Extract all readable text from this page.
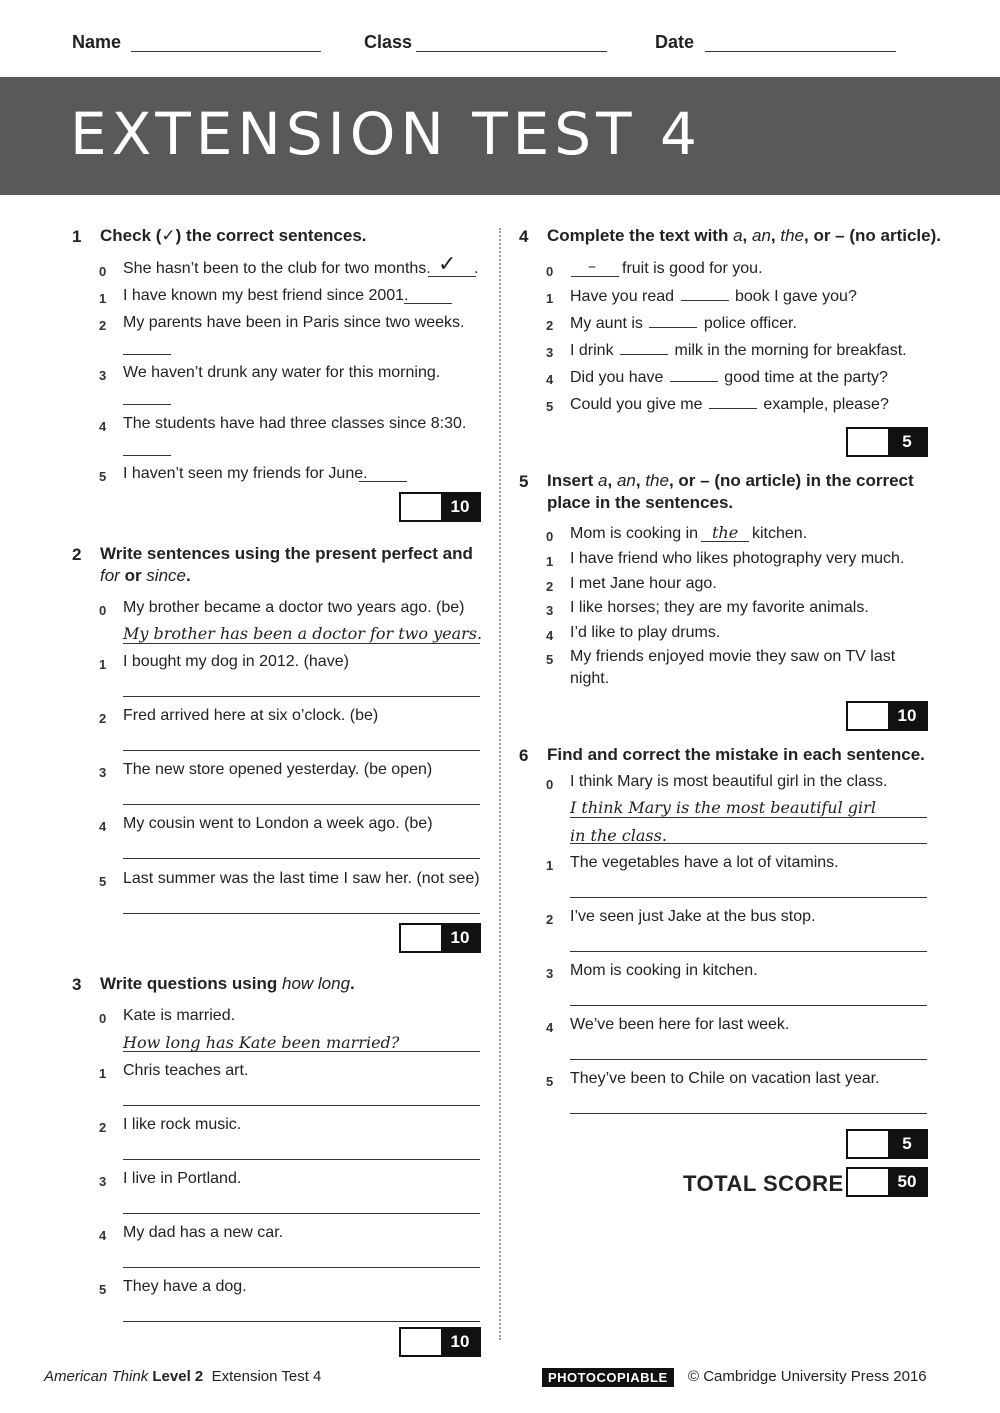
Name	Class	Date
EXTENSION TEST 4
1 Check (✓) the correct sentences.
0 She hasn’t been to the club for two months. ✓ .
1 I have known my best friend since 2001.
2 My parents have been in Paris since two weeks.
3 We haven’t drunk any water for this morning.
4 The students have had three classes since 8:30.
5 I haven’t seen my friends for June.
10
2 Write sentences using the present perfect and
for or since.
0 My brother became a doctor two years ago. (be)
My brother has been a doctor for two years.
1 I bought my dog in 2012. (have)
2 Fred arrived here at six o’clock. (be)
3 The new store opened yesterday. (be open)
4 My cousin went to London a week ago. (be)
5 Last summer was the last time I saw her. (not see)
10
3 Write questions using how long.
0 Kate is married.
How long has Kate been married?
1 Chris teaches art.
2 I like rock music.
3 I live in Portland.
4 My dad has a new car.
5 They have a dog.
10
4 Complete the text with a, an, the, or – (no article).
0 – fruit is good for you.
1 Have you read	book I gave you?
2 My aunt is	police officer.
3 I drink	milk in the morning for breakfast.
4 Did you have	good time at the party?
5 Could you give me	example, please?
5
5 Insert a, an, the, or – (no article) in the correct
place in the sentences.
0 Mom is cooking in the kitchen.
1 I have friend who likes photography very much.
2 I met Jane hour ago.
3 I like horses; they are my favorite animals.
4 I’d like to play drums.
5 My friends enjoyed movie they saw on TV last
night.
10
6 Find and correct the mistake in each sentence.
0 I think Mary is most beautiful girl in the class.
I think Mary is the most beautiful girl
in the class.
1 The vegetables have a lot of vitamins.
2 I’ve seen just Jake at the bus stop.
3 Mom is cooking in kitchen.
4 We’ve been here for last week.
5 They’ve been to Chile on vacation last year.
5
TOTAL SCORE	50
American Think Level 2 Extension Test 4	PHOTOCOPIABLE	© Cambridge University Press 2016
